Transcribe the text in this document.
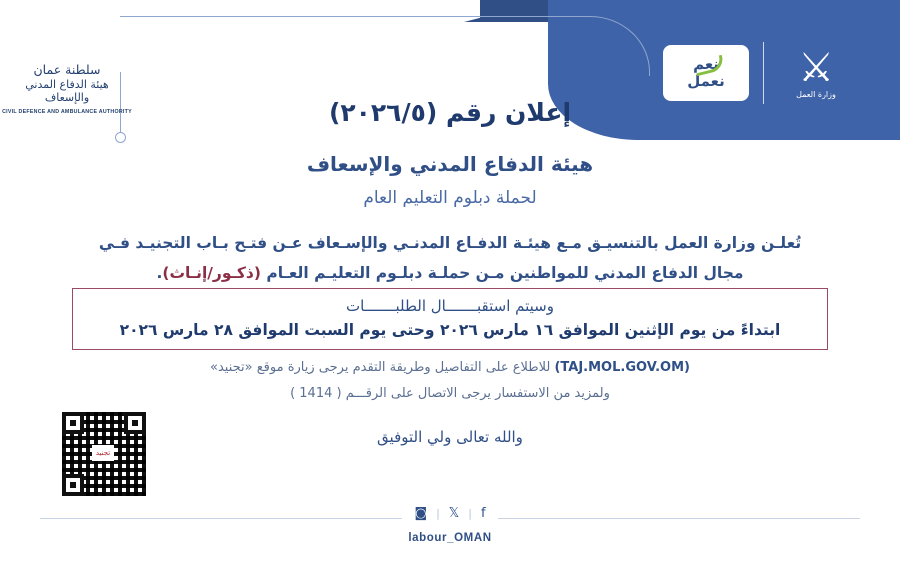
سلطنة عمان
هيئة الدفاع المدني والإسعاف
CIVIL DEFENCE AND AMBULANCE AUTHORITY
⚔
وزارة العمل
نعم
نعمل
إعلان رقم (٢٠٢٦/٥)
هيئة الدفاع المدني والإسعاف
لحملة دبلوم التعليم العام
تُعلـن وزارة العمل بالتنسيـق مـع هيئـة الدفـاع المدنـي والإسـعاف عـن فتـح بـاب التجنيـد فـي
مجال الدفاع المدني للمواطنين مـن حملـة دبلـوم التعليـم العـام (ذكـور/إنـاث).
وسيتم استقبـــــــال الطلبـــــــات
ابتداءً من يوم الإثنين الموافق ١٦ مارس ٢٠٢٦ وحتى يوم السبت الموافق ٢٨ مارس ٢٠٢٦
(TAJ.MOL.GOV.OM) للاطلاع على التفاصيل وطريقة التقدم يرجى زيارة موقع «تجنيد»
ولمزيد من الاستفسار يرجى الاتصال على الرقـــم ( 1414 )
والله تعالى ولي التوفيق
تجنيد
f
|
𝕏
|
◙
labour_OMAN
